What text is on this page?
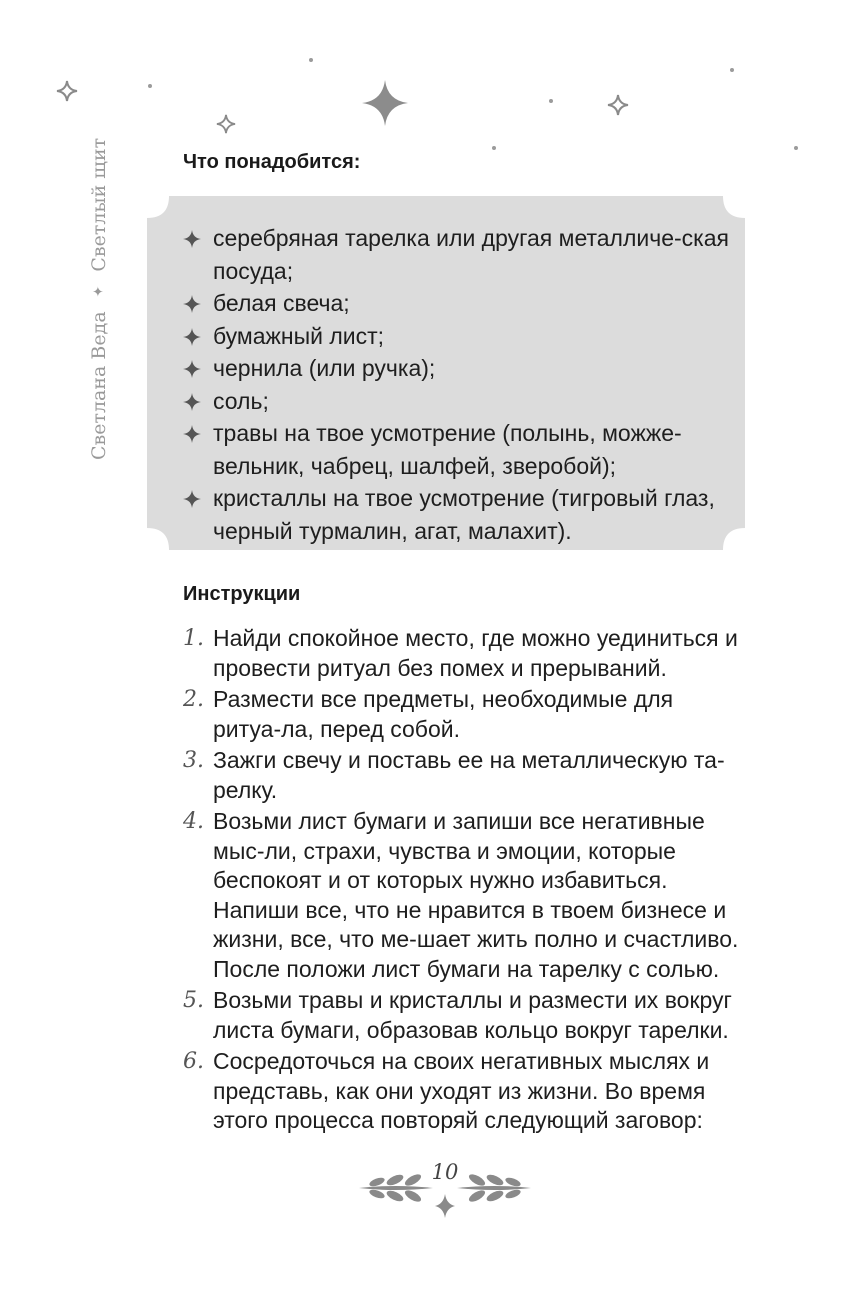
Светлана Веда
✦
Светлый щит	Что понадобится:
серебряная тарелка или другая металличе-ская посуда;
белая свеча;
бумажный лист;
чернила (или ручка);
соль;
травы на твое усмотрение (полынь, можже-вельник, чабрец, шалфей, зверобой);
кристаллы на твое усмотрение (тигровый глаз, черный турмалин, агат, малахит).
Инструкции
1. Найди спокойное место, где можно уединиться и провести ритуал без помех и прерываний.
2. Размести все предметы, необходимые для ритуа-ла, перед собой.
3. Зажги свечу и поставь ее на металлическую та-релку.
4. Возьми лист бумаги и запиши все негативные мыс-ли, страхи, чувства и эмоции, которые беспокоят и от которых нужно избавиться. Напиши все, что не нравится в твоем бизнесе и жизни, все, что ме-шает жить полно и счастливо. После положи лист бумаги на тарелку с солью.
5. Возьми травы и кристаллы и размести их вокруг листа бумаги, образовав кольцо вокруг тарелки.
6. Сосредоточься на своих негативных мыслях и представь, как они уходят из жизни. Во время этого процесса повторяй следующий заговор:
10
